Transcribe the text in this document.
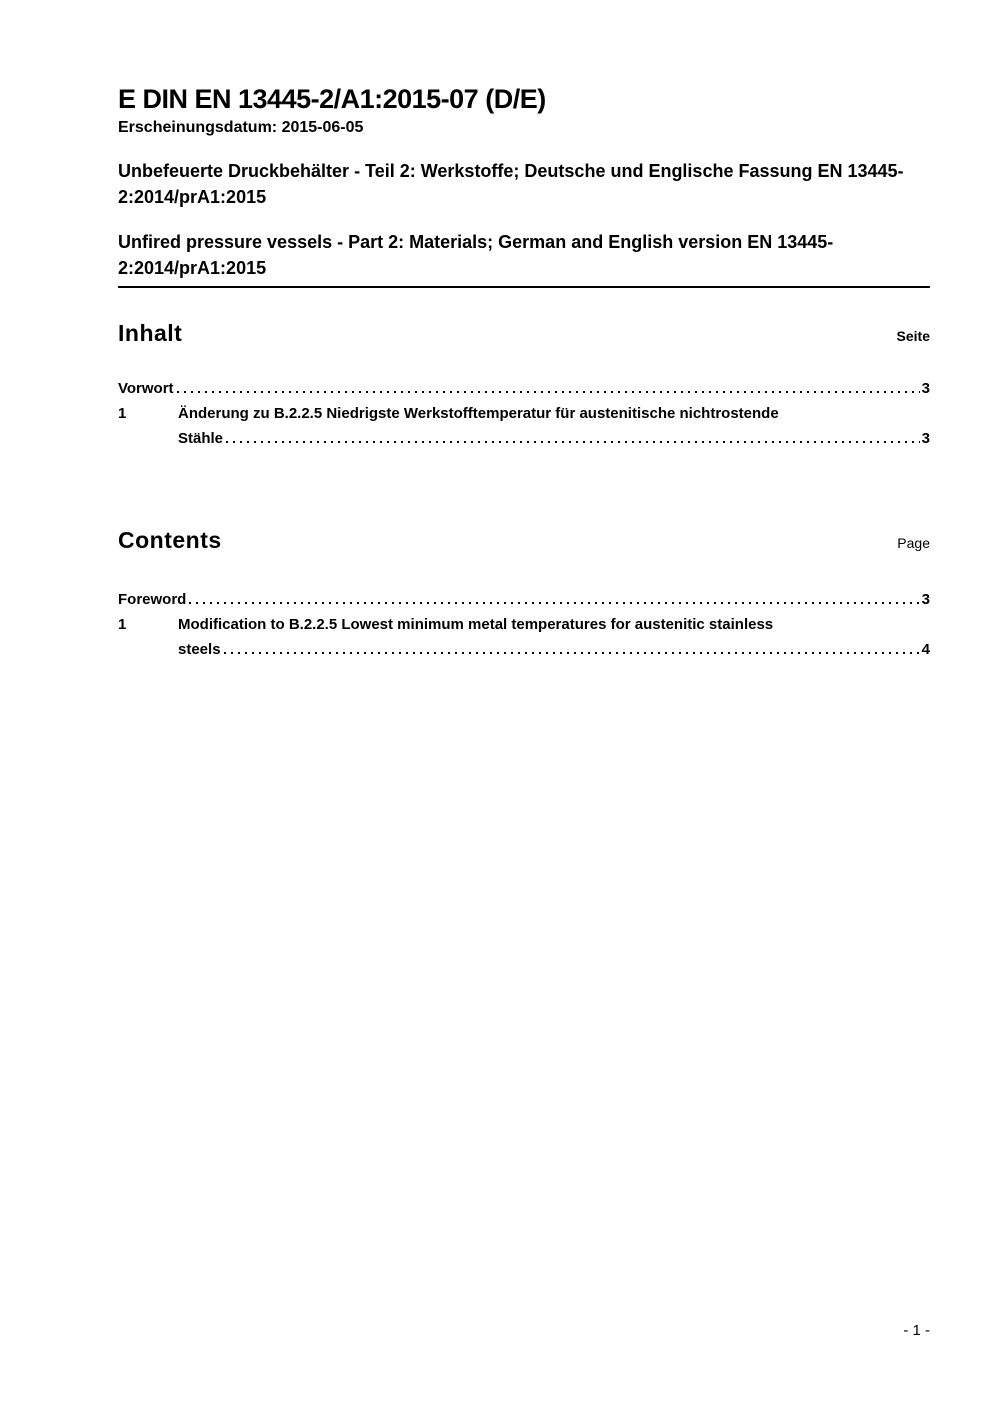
E DIN EN 13445-2/A1:2015-07 (D/E)
Erscheinungsdatum: 2015-06-05
Unbefeuerte Druckbehälter - Teil 2: Werkstoffe; Deutsche und Englische Fassung EN 13445-2:2014/prA1:2015
Unfired pressure vessels - Part 2: Materials; German and English version EN 13445-2:2014/prA1:2015
Inhalt	Seite
Vorwort	3
1	Änderung zu B.2.2.5 Niedrigste Werkstofftemperatur für austenitische nichtrostende
Stähle	3
Contents	Page
Foreword	3
1	Modification to B.2.2.5 Lowest minimum metal temperatures for austenitic stainless
steels	4
- 1 -
